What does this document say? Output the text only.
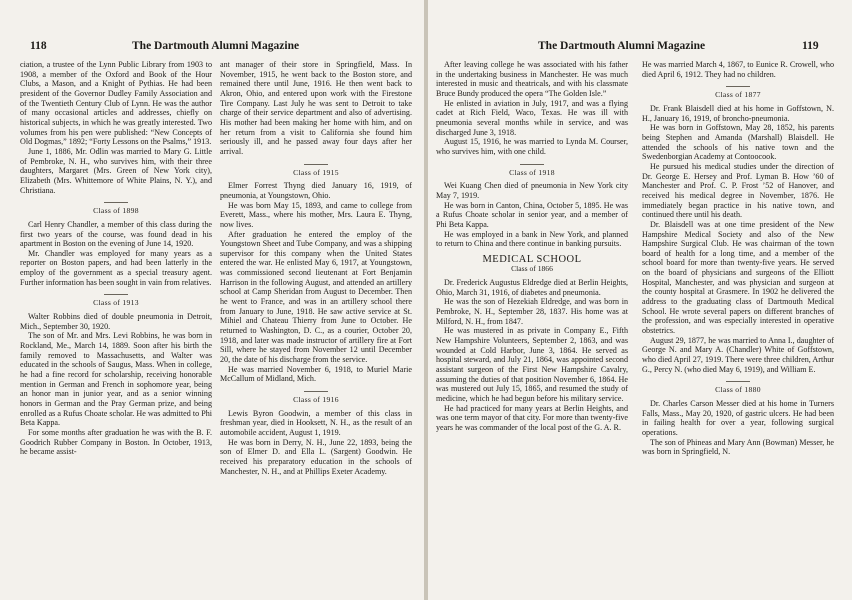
118	The Dartmouth Alumni Magazine

ciation, a trustee of the Lynn Public Library from 1903 to 1908, a member of the Oxford and Book of the Hour Clubs, a Mason, and a Knight of Pythias. He had been president of the Governor Dudley Family Association and of the Twentieth Century Club of Lynn. He was the author of many occasional articles and addresses, chiefly on historical subjects, in which he was greatly interested. Two volumes from his pen were published: “New Concepts of Old Dogmas,” 1892; “Forty Lessons on the Psalms,” 1913.

June 1, 1886, Mr. Odlin was married to Mary G. Little of Pembroke, N. H., who survives him, with their three daughters, Margaret (Mrs. Green of New York city), Elizabeth (Mrs. Whittemore of White Plains, N. Y.), and Christiana.

Class of 1898

Carl Henry Chandler, a member of this class during the first two years of the course, was found dead in his apartment in Boston on the evening of June 14, 1920.

Mr. Chandler was employed for many years as a reporter on Boston papers, and had been latterly in the employ of the government as a special treasury agent. Further information has been sought in vain from relatives.

Class of 1913

Walter Robbins died of double pneumonia in Detroit, Mich., September 30, 1920.

The son of Mr. and Mrs. Levi Robbins, he was born in Rockland, Me., March 14, 1889. Soon after his birth the family removed to Massachusetts, and Walter was educated in the schools of Saugus, Mass. When in college, he had a fine record for scholarship, receiving honorable mention in German and French in sophomore year, being an honor man in junior year, and as a senior winning honors in German and the Pray German prize, and being enrolled as a Rufus Choate scholar. He was admitted to Phi Beta Kappa.

For some months after graduation he was with the B. F. Goodrich Rubber Company in Boston. In October, 1913, he became assist-

ant manager of their store in Springfield, Mass. In November, 1915, he went back to the Boston store, and remained there until June, 1916. He then went back to Akron, Ohio, and entered upon work with the Firestone Tire Company. Last July he was sent to Detroit to take charge of their service department and also of advertising. His mother had been making her home with him, and on her return from a visit to California she found him seriously ill, and he passed away four days after her arrival.

Class of 1915

Elmer Forrest Thyng died January 16, 1919, of pneumonia, at Youngstown, Ohio.

He was born May 15, 1893, and came to college from Everett, Mass., where his mother, Mrs. Laura E. Thyng, now lives.

After graduation he entered the employ of the Youngstown Sheet and Tube Company, and was a shipping supervisor for this company when the United States entered the war. He enlisted May 6, 1917, at Youngstown, was commissioned second lieutenant at Fort Benjamin Harrison in the following August, and attended an artillery school at Camp Sheridan from August to December. Then he went to France, and was in an artillery school there from January to June, 1918. He saw active service at St. Mihiel and Chateau Thierry from June to October. He returned to Washington, D. C., as a courier, October 20, 1918, and later was made instructor of artillery fire at Fort Sill, where he stayed from November 12 until December 20, the date of his discharge from the service.

He was married November 6, 1918, to Muriel Marie McCallum of Midland, Mich.

Class of 1916

Lewis Byron Goodwin, a member of this class in freshman year, died in Hooksett, N. H., as the result of an automobile accident, August 1, 1919.

He was born in Derry, N. H., June 22, 1893, being the son of Elmer D. and Ella L. (Sargent) Goodwin. He received his preparatory education in the schools of Manchester, N. H., and at Phillips Exeter Academy.

The Dartmouth Alumni Magazine	119

After leaving college he was associated with his father in the undertaking business in Manchester. He was much interested in music and theatricals, and with his classmate Bruce Bundy produced the opera “The Golden Isle.”

He enlisted in aviation in July, 1917, and was a flying cadet at Rich Field, Waco, Texas. He was ill with pneumonia several months while in service, and was discharged June 3, 1918.

August 15, 1916, he was married to Lynda M. Courser, who survives him, with one child.

Class of 1918

Wei Kuang Chen died of pneumonia in New York city May 7, 1919.

He was born in Canton, China, October 5, 1895. He was a Rufus Choate scholar in senior year, and a member of Phi Beta Kappa.

He was employed in a bank in New York, and planned to return to China and there continue in banking pursuits.

MEDICAL SCHOOL
Class of 1866

Dr. Frederick Augustus Eldredge died at Berlin Heights, Ohio, March 31, 1916, of diabetes and pneumonia.

He was the son of Hezekiah Eldredge, and was born in Pembroke, N. H., September 28, 1837. His home was at Milford, N. H., from 1847.

He was mustered in as private in Company E., Fifth New Hampshire Volunteers, September 2, 1863, and was wounded at Cold Harbor, June 3, 1864. He served as hospital steward, and July 21, 1864, was appointed second assistant surgeon of the First New Hampshire Cavalry, assuming the duties of that position November 6, 1864. He was mustered out July 15, 1865, and resumed the study of medicine, which he had begun before his military service.

He had practiced for many years at Berlin Heights, and was one term mayor of that city. For more than twenty-five years he was commander of the local post of the G. A. R.

He was married March 4, 1867, to Eunice R. Crowell, who died April 6, 1912. They had no children.

Class of 1877

Dr. Frank Blaisdell died at his home in Goffstown, N. H., January 16, 1919, of broncho-pneumonia.

He was born in Goffstown, May 28, 1852, his parents being Stephen and Amanda (Marshall) Blaisdell. He attended the schools of his native town and the Swedenborgian Academy at Contoocook.

He pursued his medical studies under the direction of Dr. George E. Hersey and Prof. Lyman B. How ’60 of Manchester and Prof. C. P. Frost ’52 of Hanover, and received his medical degree in November, 1876. He immediately began practice in his native town, and continued there until his death.

Dr. Blaisdell was at one time president of the New Hampshire Medical Society and also of the New Hampshire Surgical Club. He was chairman of the town board of health for a long time, and a member of the school board for more than twenty-five years. He served on the board of physicians and surgeons of the Elliott Hospital, Manchester, and was physician and surgeon at the county hospital at Grasmere. In 1902 he delivered the address to the graduating class of Dartmouth Medical School. He wrote several papers on different branches of the profession, and was especially interested in operative obstetrics.

August 29, 1877, he was married to Anna I., daughter of George N. and Mary A. (Chandler) White of Goffstown, who died April 27, 1919. There were three children, Arthur G., Percy N. (who died May 6, 1919), and William E.

Class of 1880

Dr. Charles Carson Messer died at his home in Turners Falls, Mass., May 20, 1920, of gastric ulcers. He had been in failing health for over a year, following surgical operations.

The son of Phineas and Mary Ann (Bowman) Messer, he was born in Springfield, N.
